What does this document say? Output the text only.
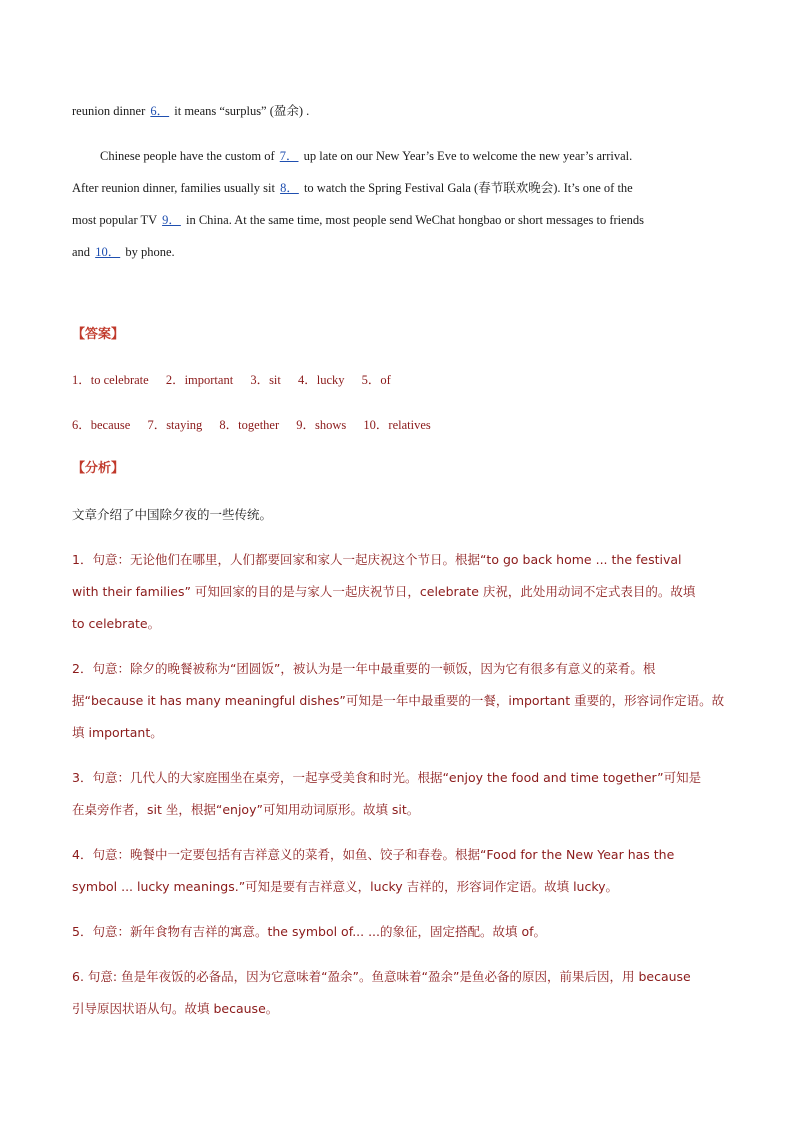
reunion dinner 6． it means “surplus” (盈余) .
Chinese people have the custom of 7． up late on our New Year’s Eve to welcome the new year’s arrival.
After reunion dinner, families usually sit 8． to watch the Spring Festival Gala (春节联欢晚会). It’s one of the
most popular TV 9． in China. At the same time, most people send WeChat hongbao or short messages to friends
and 10． by phone.
【答案】
1．to celebrate 2．important 3．sit 4．lucky 5．of
6．because 7．staying 8．together 9．shows 10．relatives
【分析】
文章介绍了中国除夕夜的一些传统。
1．句意：无论他们在哪里，人们都要回家和家人一起庆祝这个节日。根据“to go back home ... the festival
with their families” 可知回家的目的是与家人一起庆祝节日，celebrate 庆祝，此处用动词不定式表目的。故填
to celebrate。
2．句意：除夕的晚餐被称为“团圆饭”，被认为是一年中最重要的一顿饭，因为它有很多有意义的菜肴。根
据“because it has many meaningful dishes”可知是一年中最重要的一餐，important 重要的，形容词作定语。故
填 important。
3．句意：几代人的大家庭围坐在桌旁，一起享受美食和时光。根据“enjoy the food and time together”可知是
在桌旁作者，sit 坐，根据“enjoy”可知用动词原形。故填 sit。
4．句意：晚餐中一定要包括有吉祥意义的菜肴，如鱼、饺子和春卷。根据“Food for the New Year has the
symbol ... lucky meanings.”可知是要有吉祥意义，lucky 吉祥的，形容词作定语。故填 lucky。
5．句意：新年食物有吉祥的寓意。the symbol of... ...的象征，固定搭配。故填 of。
6. 句意: 鱼是年夜饭的必备品，因为它意味着“盈余”。鱼意味着“盈余”是鱼必备的原因，前果后因，用 because
引导原因状语从句。故填 because。
